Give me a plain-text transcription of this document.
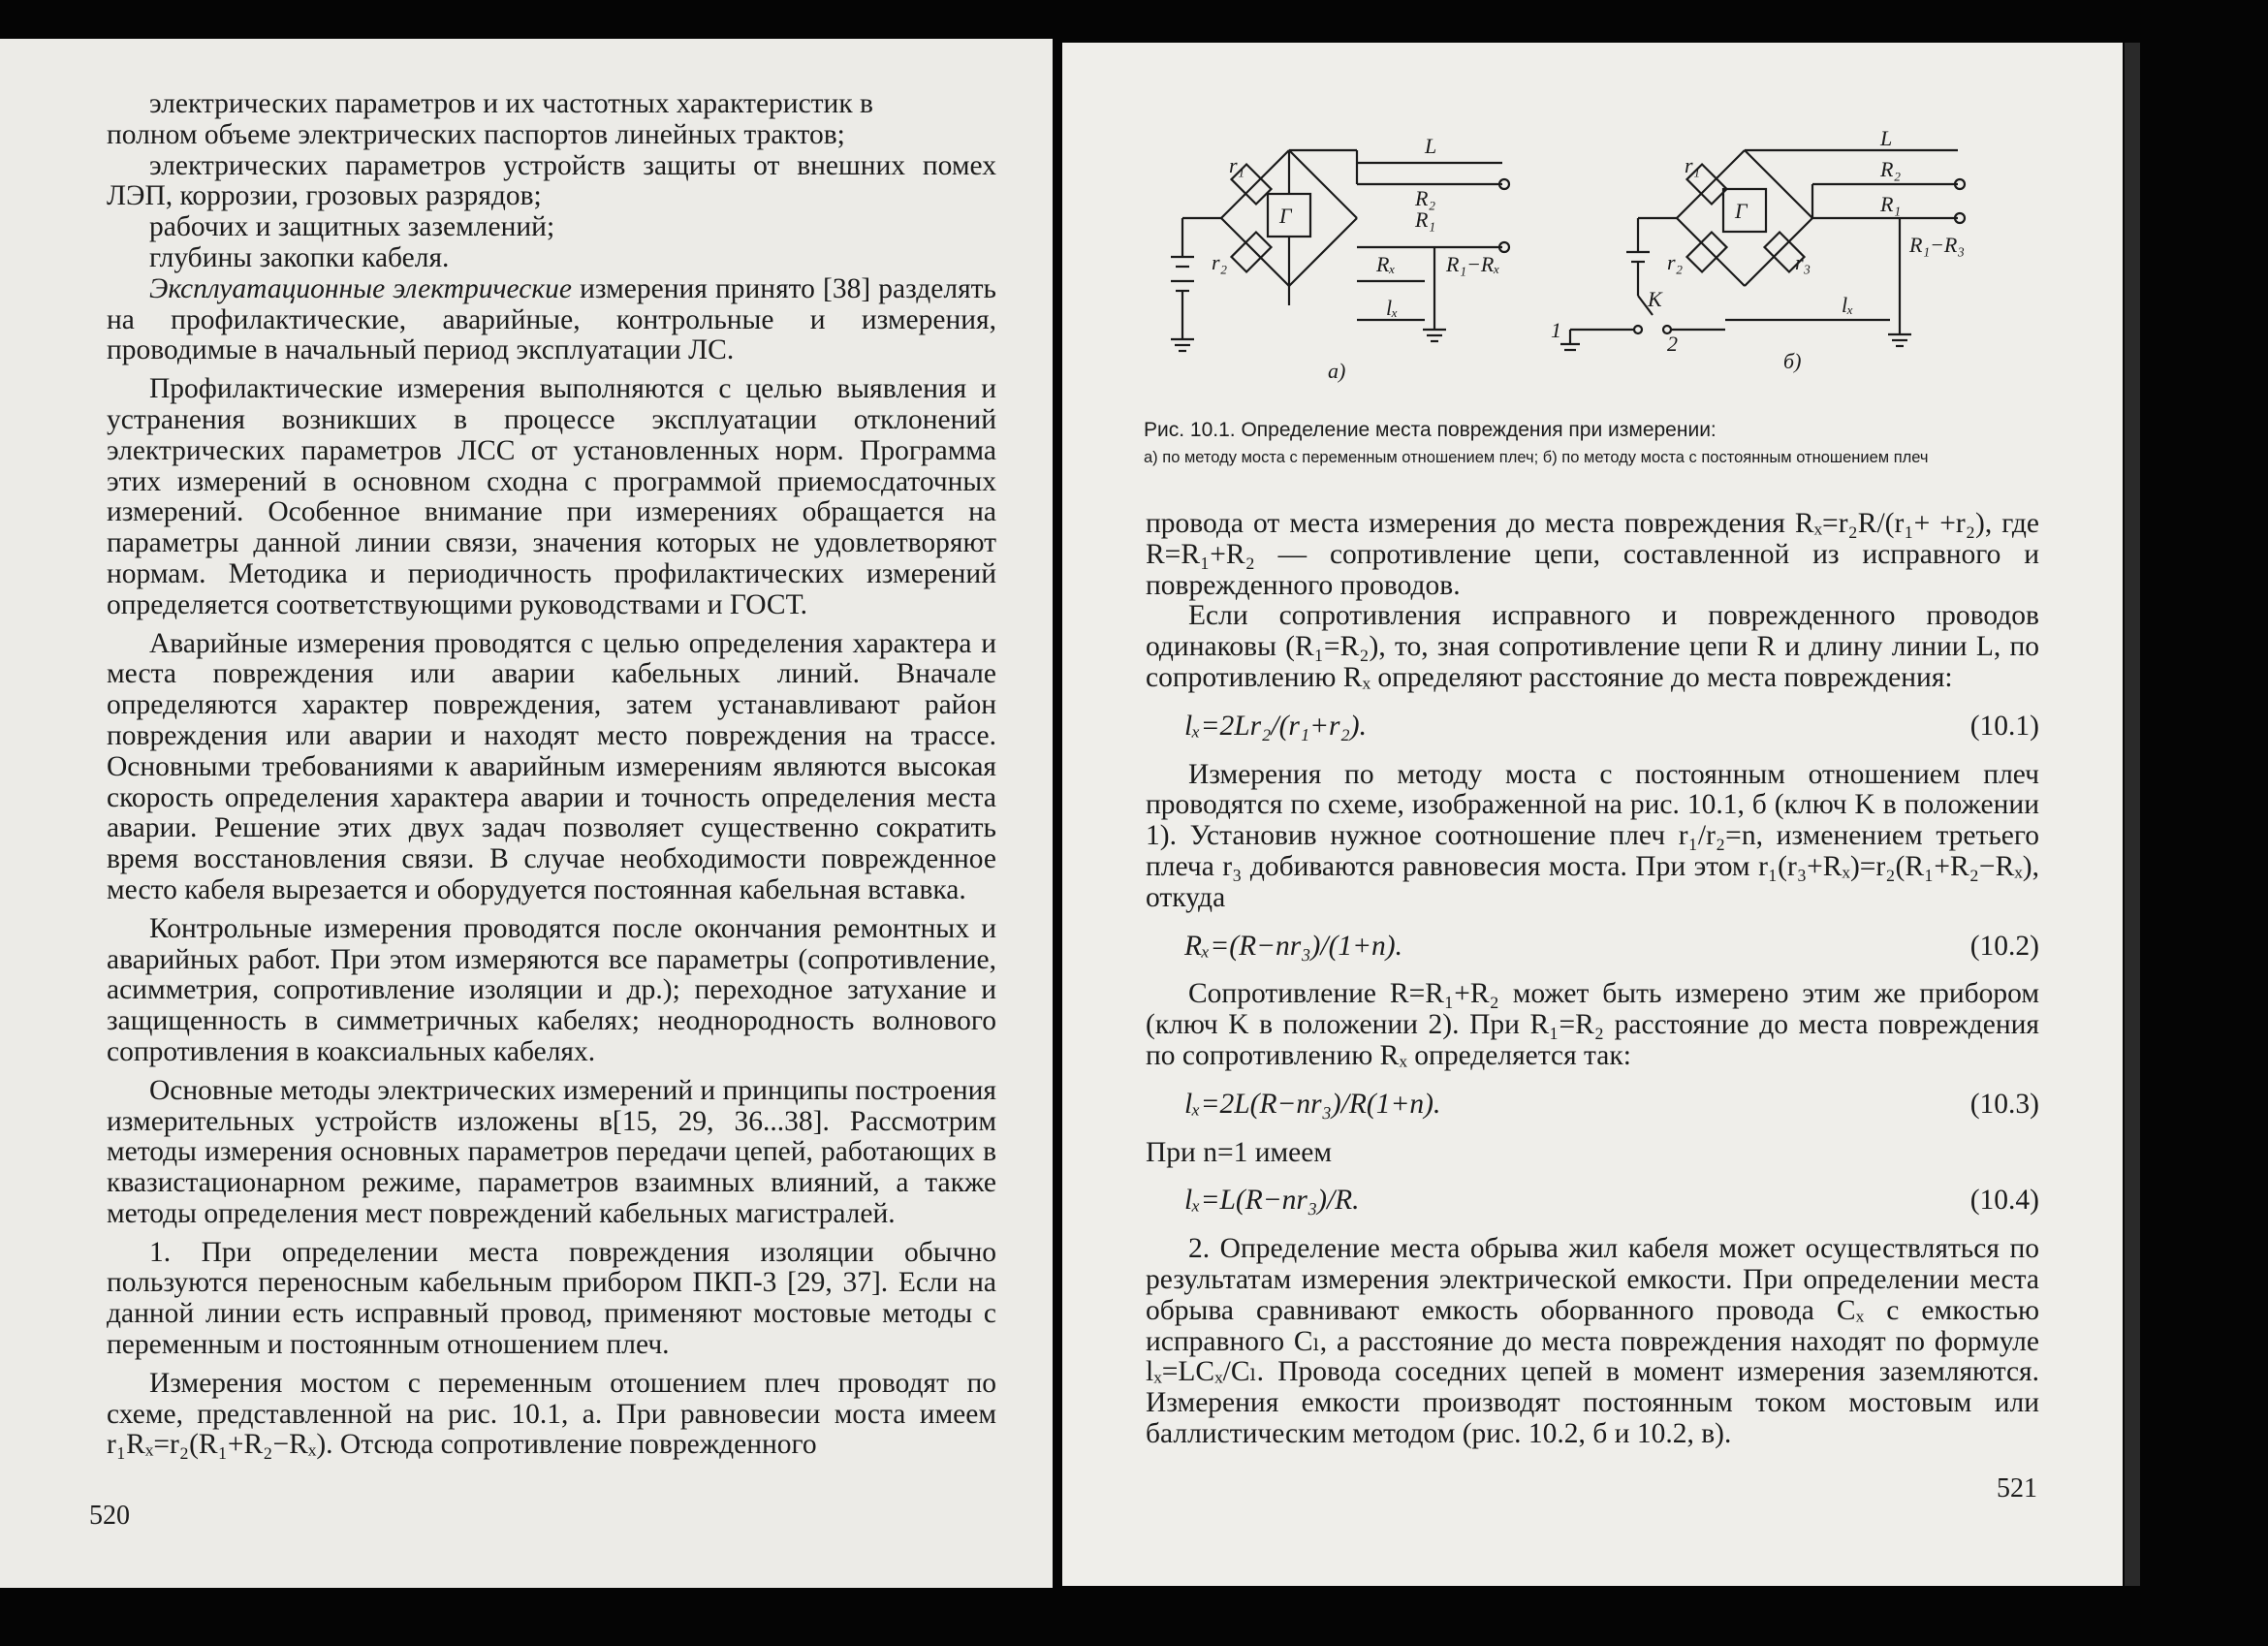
электрических параметров и их частотных характеристик в

полном объеме электрических паспортов линейных трактов;

электрических параметров устройств защиты от внешних помех ЛЭП, коррозии, грозовых разрядов;

рабочих и защитных заземлений;

глубины закопки кабеля.

Эксплуатационные электрические измерения принято [38] разделять на профилактические, аварийные, контрольные и измерения, проводимые в начальный период эксплуатации ЛС.

Профилактические измерения выполняются с целью выявления и устранения возникших в процессе эксплуатации отклонений электрических параметров ЛСС от установленных норм. Программа этих измерений в основном сходна с программой приемосдаточных измерений. Особенное внимание при измерениях обращается на параметры данной линии связи, значения которых не удовлетворяют нормам. Методика и периодичность профилактических измерений определяется соответствующими руководствами и ГОСТ.

Аварийные измерения проводятся с целью определения характера и места повреждения или аварии кабельных линий. Вначале определяются характер повреждения, затем устанавливают район повреждения или аварии и находят место повреждения на трассе. Основными требованиями к аварийным измерениям являются высокая скорость определения характера аварии и точность определения места аварии. Решение этих двух задач позволяет существенно сократить время восстановления связи. В случае необходимости поврежденное место кабеля вырезается и оборудуется постоянная кабельная вставка.

Контрольные измерения проводятся после окончания ремонтных и аварийных работ. При этом измеряются все параметры (сопротивление, асимметрия, сопротивление изоляции и др.); переходное затухание и защищенность в симметричных кабелях; неоднородность волнового сопротивления в коаксиальных кабелях.

Основные методы электрических измерений и принципы построения измерительных устройств изложены в[15, 29, 36...38]. Рассмотрим методы измерения основных параметров передачи цепей, работающих в квазистационарном режиме, параметров взаимных влияний, а также методы определения мест повреждений кабельных магистралей.

1. При определении места повреждения изоляции обычно пользуются переносным кабельным прибором ПКП-3 [29, 37]. Если на данной линии есть исправный провод, применяют мостовые методы с переменным и постоянным отношением плеч.

Измерения мостом с переменным отошением плеч проводят по схеме, представленной на рис. 10.1, а. При равновесии моста имеем r₁Rₓ=r₂(R₁+R₂−Rₓ). Отсюда сопротивление поврежденного

520
r₁
r₂
Г
L
R₂
R₁
Rₓ R₁−Rₓ
lₓ
а)
r₁
r₂	r₃
Г
L
R₂
R₁
R₁−R₃
lₓ
K
1
2
б)

Рис. 10.1. Определение места повреждения при измерении:

а) по методу моста с переменным отношением плеч; б) по методу моста с постоянным отношением плеч

провода от места измерения до места повреждения Rₓ=r₂R/(r₁+ +r₂), где R=R₁+R₂ — сопротивление цепи, составленной из исправного и поврежденного проводов.

Если сопротивления исправного и поврежденного проводов одинаковы (R₁=R₂), то, зная сопротивление цепи R и длину линии L, по сопротивлению Rₓ определяют расстояние до места повреждения:

lₓ=2Lr₂/(r₁+r₂).	(10.1)

Измерения по методу моста с постоянным отношением плеч проводятся по схеме, изображенной на рис. 10.1, б (ключ K в положении 1). Установив нужное соотношение плеч r₁/r₂=n, изменением третьего плеча r₃ добиваются равновесия моста. При этом r₁(r₃+Rₓ)=r₂(R₁+R₂−Rₓ), откуда

Rₓ=(R−nr₃)/(1+n).	(10.2)

Сопротивление R=R₁+R₂ может быть измерено этим же прибором (ключ K в положении 2). При R₁=R₂ расстояние до места повреждения по сопротивлению Rₓ определяется так:

lₓ=2L(R−nr₃)/R(1+n).	(10.3)

При n=1 имеем

lₓ=L(R−nr₃)/R.	(10.4)

2. Определение места обрыва жил кабеля может осуществляться по результатам измерения электрической емкости. При определении места обрыва сравнивают емкость оборванного провода Cₓ с емкостью исправного Cₗ, а расстояние до места повреждения находят по формуле lₓ=LCₓ/Cₗ. Провода соседних цепей в момент измерения заземляются. Измерения емкости производят постоянным током мостовым или баллистическим методом (рис. 10.2, б и 10.2, в).

521
